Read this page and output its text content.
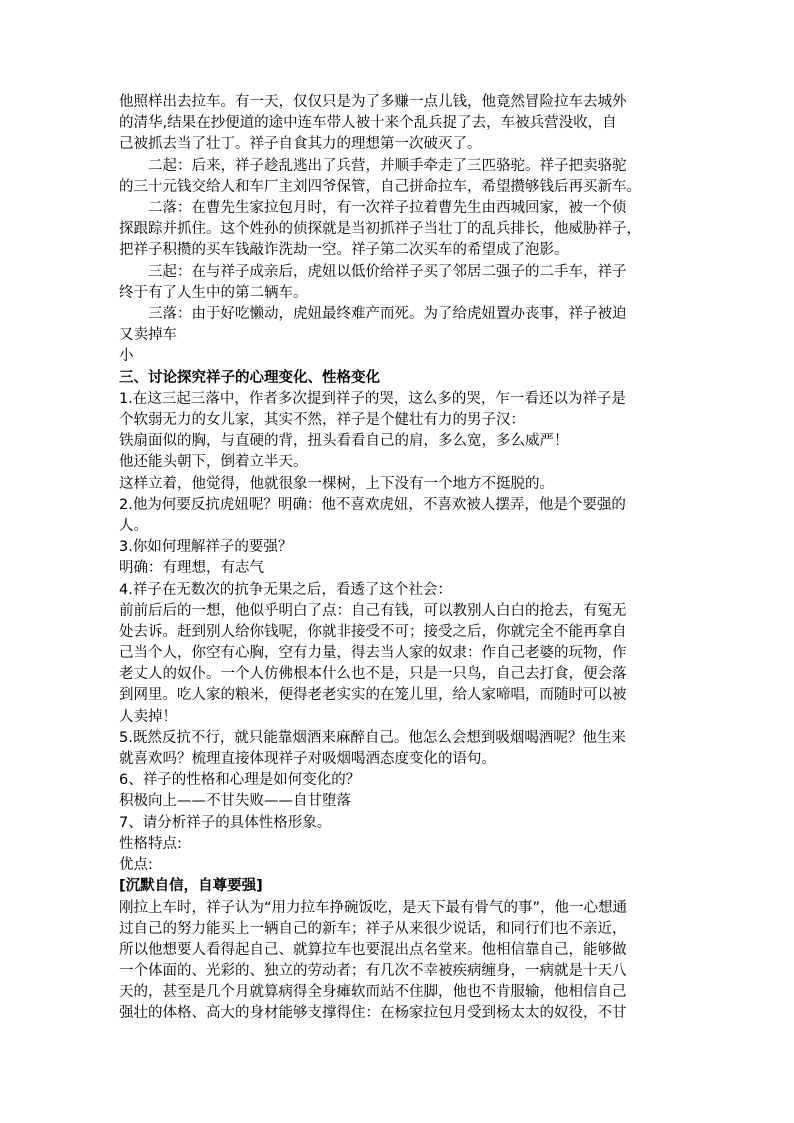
他照样出去拉车。有一天，仅仅只是为了多赚一点儿钱，他竟然冒险拉车去城外
的清华,结果在抄便道的途中连车带人被十来个乱兵捉了去，车被兵营没收，自
己被抓去当了壮丁。祥子自食其力的理想第一次破灭了。
　　二起：后来，祥子趁乱逃出了兵营，并顺手牵走了三匹骆驼。祥子把卖骆驼
的三十元钱交给人和车厂主刘四爷保管，自己拼命拉车，希望攒够钱后再买新车。
　　二落：在曹先生家拉包月时，有一次祥子拉着曹先生由西城回家，被一个侦
探跟踪并抓住。这个姓孙的侦探就是当初抓祥子当壮丁的乱兵排长，他威胁祥子，
把祥子积攒的买车钱敲诈洗劫一空。祥子第二次买车的希望成了泡影。
　　三起：在与祥子成亲后，虎妞以低价给祥子买了邻居二强子的二手车，祥子
终于有了人生中的第二辆车。
　　三落：由于好吃懒动，虎妞最终难产而死。为了给虎妞置办丧事，祥子被迫
又卖掉车
小
三、讨论探究祥子的心理变化、性格变化
1.在这三起三落中，作者多次提到祥子的哭，这么多的哭，乍一看还以为祥子是
个软弱无力的女儿家，其实不然，祥子是个健壮有力的男子汉：
铁扇面似的胸，与直硬的背，扭头看看自己的肩，多么宽，多么威严！
他还能头朝下，倒着立半天。
这样立着，他觉得，他就很象一棵树，上下没有一个地方不挺脱的。
2.他为何要反抗虎妞呢？明确：他不喜欢虎妞，不喜欢被人摆弄，他是个要强的
人。
3.你如何理解祥子的要强？
明确：有理想，有志气
4.祥子在无数次的抗争无果之后，看透了这个社会：
前前后后的一想，他似乎明白了点：自己有钱，可以教别人白白的抢去，有冤无
处去诉。赶到别人给你钱呢，你就非接受不可；接受之后，你就完全不能再拿自
己当个人，你空有心胸，空有力量，得去当人家的奴隶：作自己老婆的玩物，作
老丈人的奴仆。一个人仿佛根本什么也不是，只是一只鸟，自己去打食，便会落
到网里。吃人家的粮米，便得老老实实的在笼儿里，给人家啼唱，而随时可以被
人卖掉！
5.既然反抗不行，就只能靠烟酒来麻醉自己。他怎么会想到吸烟喝酒呢？他生来
就喜欢吗？梳理直接体现祥子对吸烟喝酒态度变化的语句。
6、祥子的性格和心理是如何变化的？
积极向上——不甘失败——自甘堕落
7、请分析祥子的具体性格形象。
性格特点:
优点:
[沉默自信，自尊要强]
刚拉上车时，祥子认为“用力拉车挣碗饭吃，是天下最有骨气的事”，他一心想通
过自己的努力能买上一辆自己的新车；祥子从来很少说话，和同行们也不亲近，
所以他想要人看得起自己、就算拉车也要混出点名堂来。他相信靠自己，能够做
一个体面的、光彩的、独立的劳动者；有几次不幸被疾病缠身，一病就是十天八
天的，甚至是几个月就算病得全身瘫软而站不住脚，他也不肯服输，他相信自己
强壮的体格、高大的身材能够支撑得住：在杨家拉包月受到杨太太的奴役，不甘
